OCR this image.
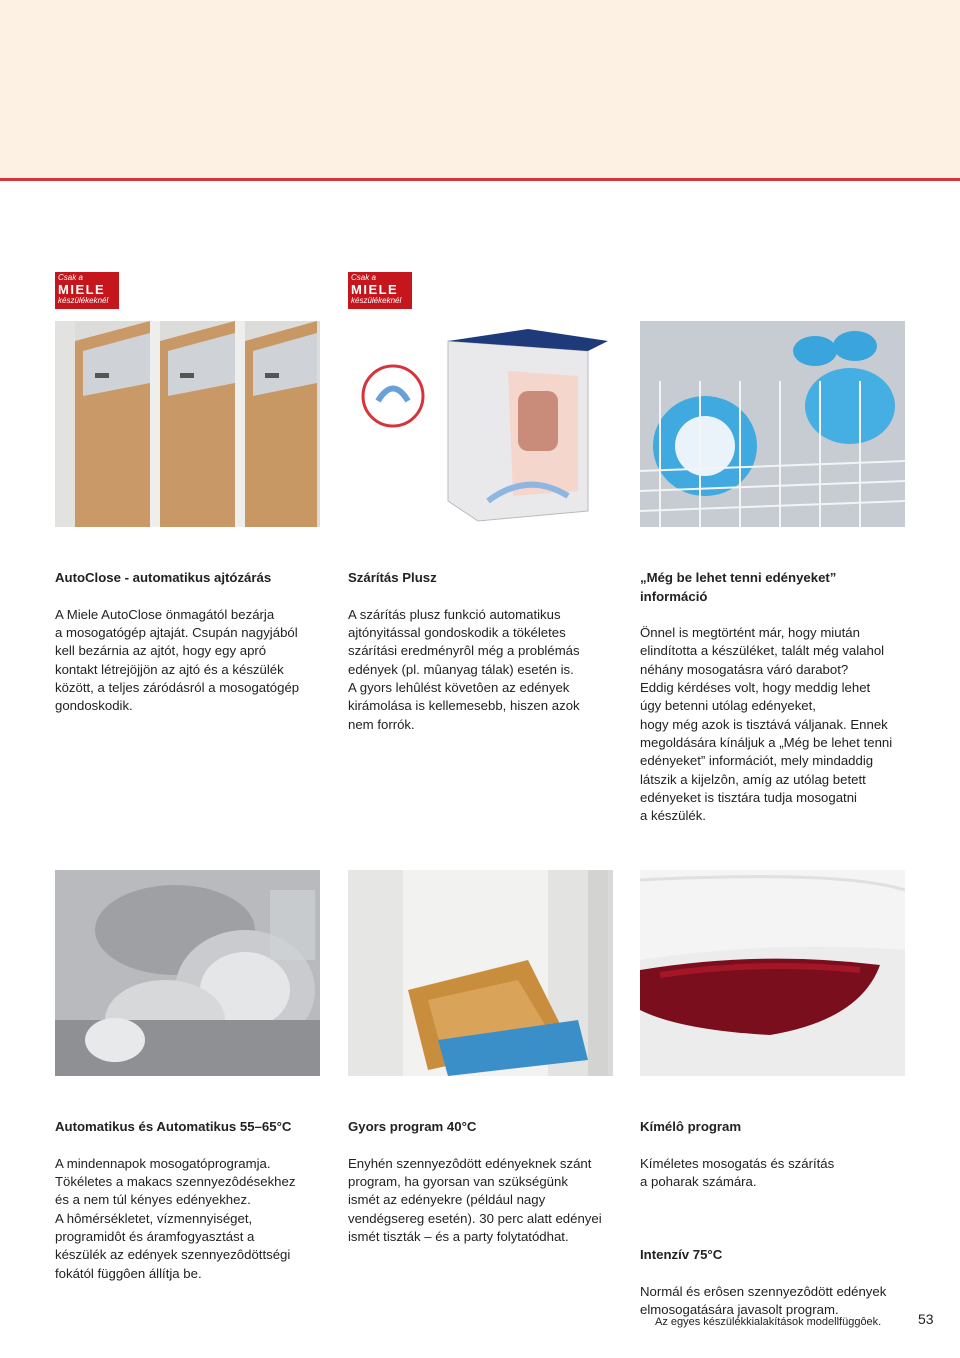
Csak a
MIELE
készülékeknél
Csak a
MIELE
készülékeknél

AutoClose - automatikus ajtózárás

A Miele AutoClose önmagától bezárja
a mosogatógép ajtaját. Csupán nagyjából
kell bezárnia az ajtót, hogy egy apró
kontakt létrejöjjön az ajtó és a készülék
között, a teljes záródásról a mosogatógép
gondoskodik.

Szárítás Plusz

A szárítás plusz funkció automatikus
ajtónyitással gondoskodik a tökéletes
szárítási eredményrôl még a problémás
edények (pl. mûanyag tálak) esetén is.
A gyors lehûlést követôen az edények
kirámolása is kellemesebb, hiszen azok
nem forrók.

„Még be lehet tenni edényeket”
információ

Önnel is megtörtént már, hogy miután
elindította a készüléket, talált még valahol
néhány mosogatásra váró darabot?
Eddig kérdéses volt, hogy meddig lehet
úgy betenni utólag edényeket,
hogy még azok is tisztává váljanak. Ennek
megoldására kínáljuk a „Még be lehet tenni
edényeket” információt, mely mindaddig
látszik a kijelzôn, amíg az utólag betett
edényeket is tisztára tudja mosogatni
a készülék.

Automatikus és Automatikus 55–65°C

A mindennapok mosogatóprogramja.
Tökéletes a makacs szennyezôdésekhez
és a nem túl kényes edényekhez.
A hômérsékletet, vízmennyiséget,
programidôt és áramfogyasztást a
készülék az edények szennyezôdöttségi
fokától függôen állítja be.

Gyors program 40°C

Enyhén szennyezôdött edényeknek szánt
program, ha gyorsan van szükségünk
ismét az edényekre (például nagy
vendégsereg esetén). 30 perc alatt edényei
ismét tiszták – és a party folytatódhat.

Kímélô program

Kíméletes mosogatás és szárítás
a poharak számára.

Intenzív 75°C

Normál és erôsen szennyezôdött edények
elmosogatására javasolt program.

Az egyes készülékkialakítások modellfüggôek.	53
